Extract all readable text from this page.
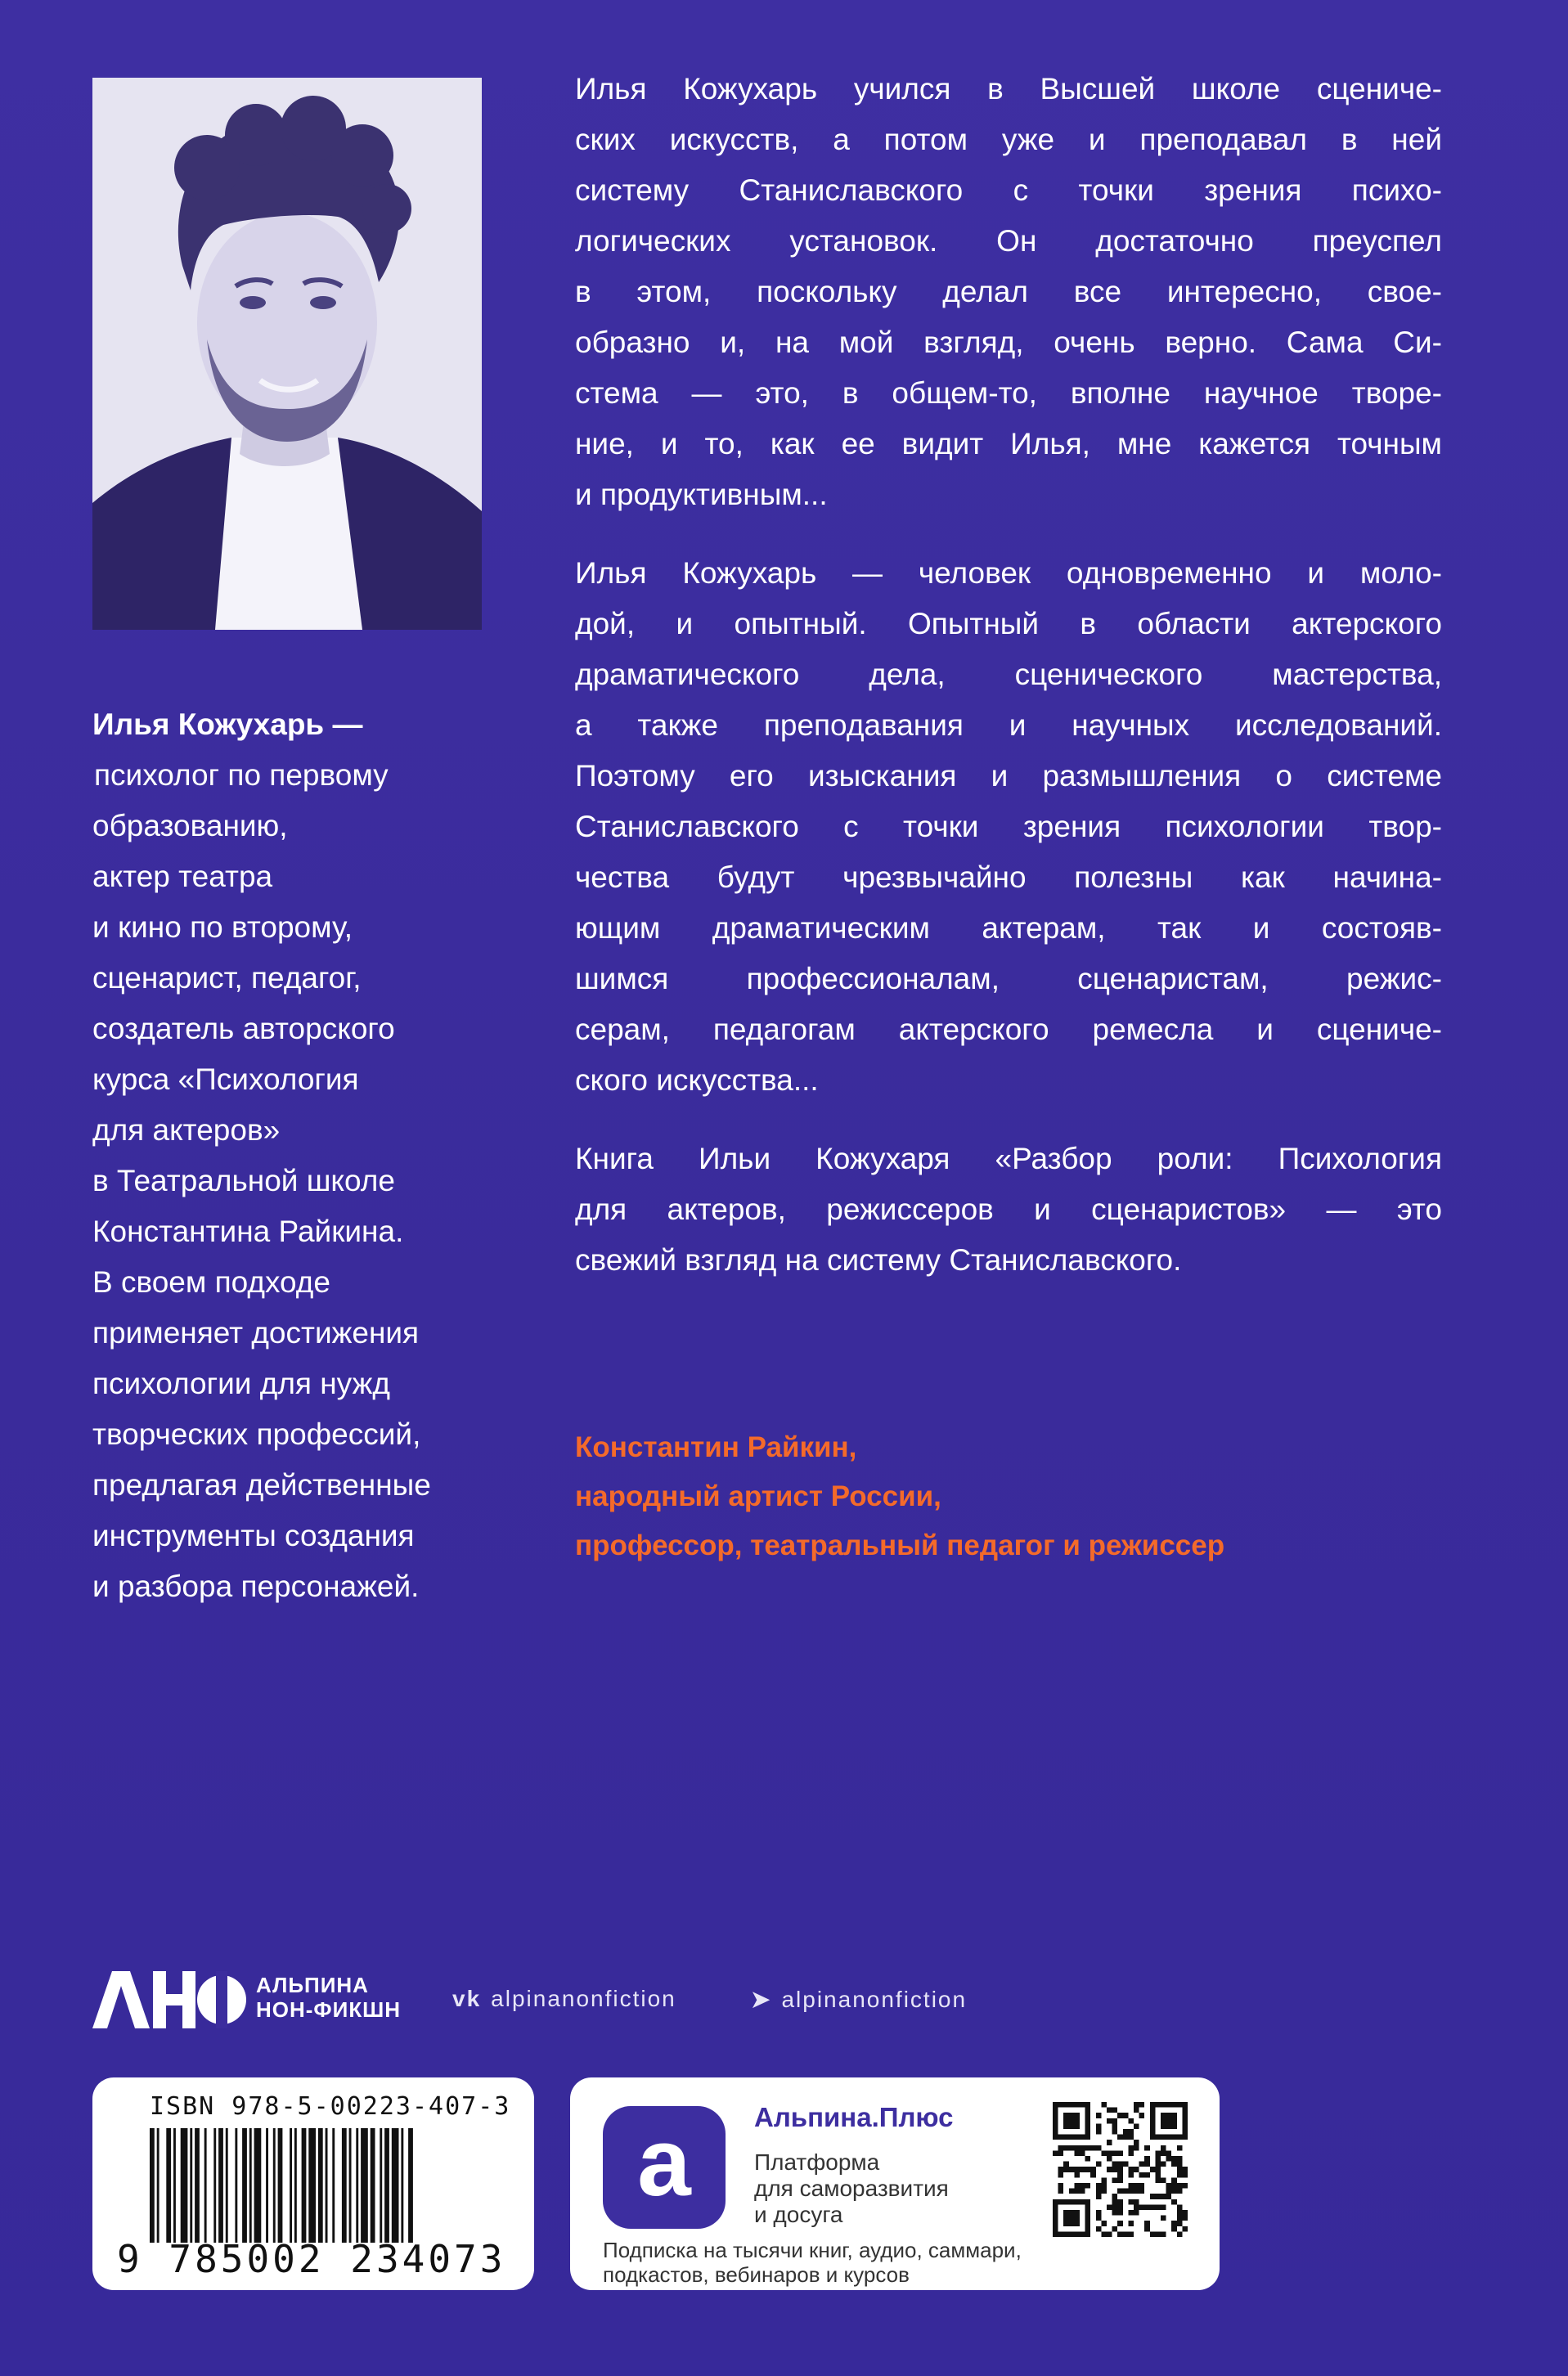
Илья Кожухарь —
психолог по первому
образованию,
актер театра
и кино по второму,
сценарист, педагог,
создатель авторского
курса «Психология
для актеров»
в Театральной школе
Константина Райкина.
В своем подходе
применяет достижения
психологии для нужд
творческих профессий,
предлагая действенные
инструменты создания
и разбора персонажей.
Илья Кожухарь учился в Высшей школе сцениче-
ских искусств, а потом уже и преподавал в ней
систему Станиславского с точки зрения психо-
логических установок. Он достаточно преуспел
в этом, поскольку делал все интересно, свое-
образно и, на мой взгляд, очень верно. Сама Си-
стема — это, в общем-то, вполне научное творе-
ние, и то, как ее видит Илья, мне кажется точным
и продуктивным...
Илья Кожухарь — человек одновременно и моло-
дой, и опытный. Опытный в области актерского
драматического дела, сценического мастерства,
а также преподавания и научных исследований.
Поэтому его изыскания и размышления о системе
Станиславского с точки зрения психологии твор-
чества будут чрезвычайно полезны как начина-
ющим драматическим актерам, так и состояв-
шимся профессионалам, сценаристам, режис-
серам, педагогам актерского ремесла и сцениче-
ского искусства...
Книга Ильи Кожухаря «Разбор роли: Психология
для актеров, режиссеров и сценаристов» — это
свежий взгляд на систему Станиславского.
Константин Райкин,
народный артист России,
профессор, театральный педагог и режиссер
АЛЬПИНА
НОН-ФИКШН vk alpinanonfiction	➤ alpinanonfiction
ISBN 978-5-00223-407-3
9 785002 234073
a	Альпина.Плюс
Платформа
для саморазвития
и досуга
Подписка на тысячи книг, аудио, саммари,
подкастов, вебинаров и курсов
